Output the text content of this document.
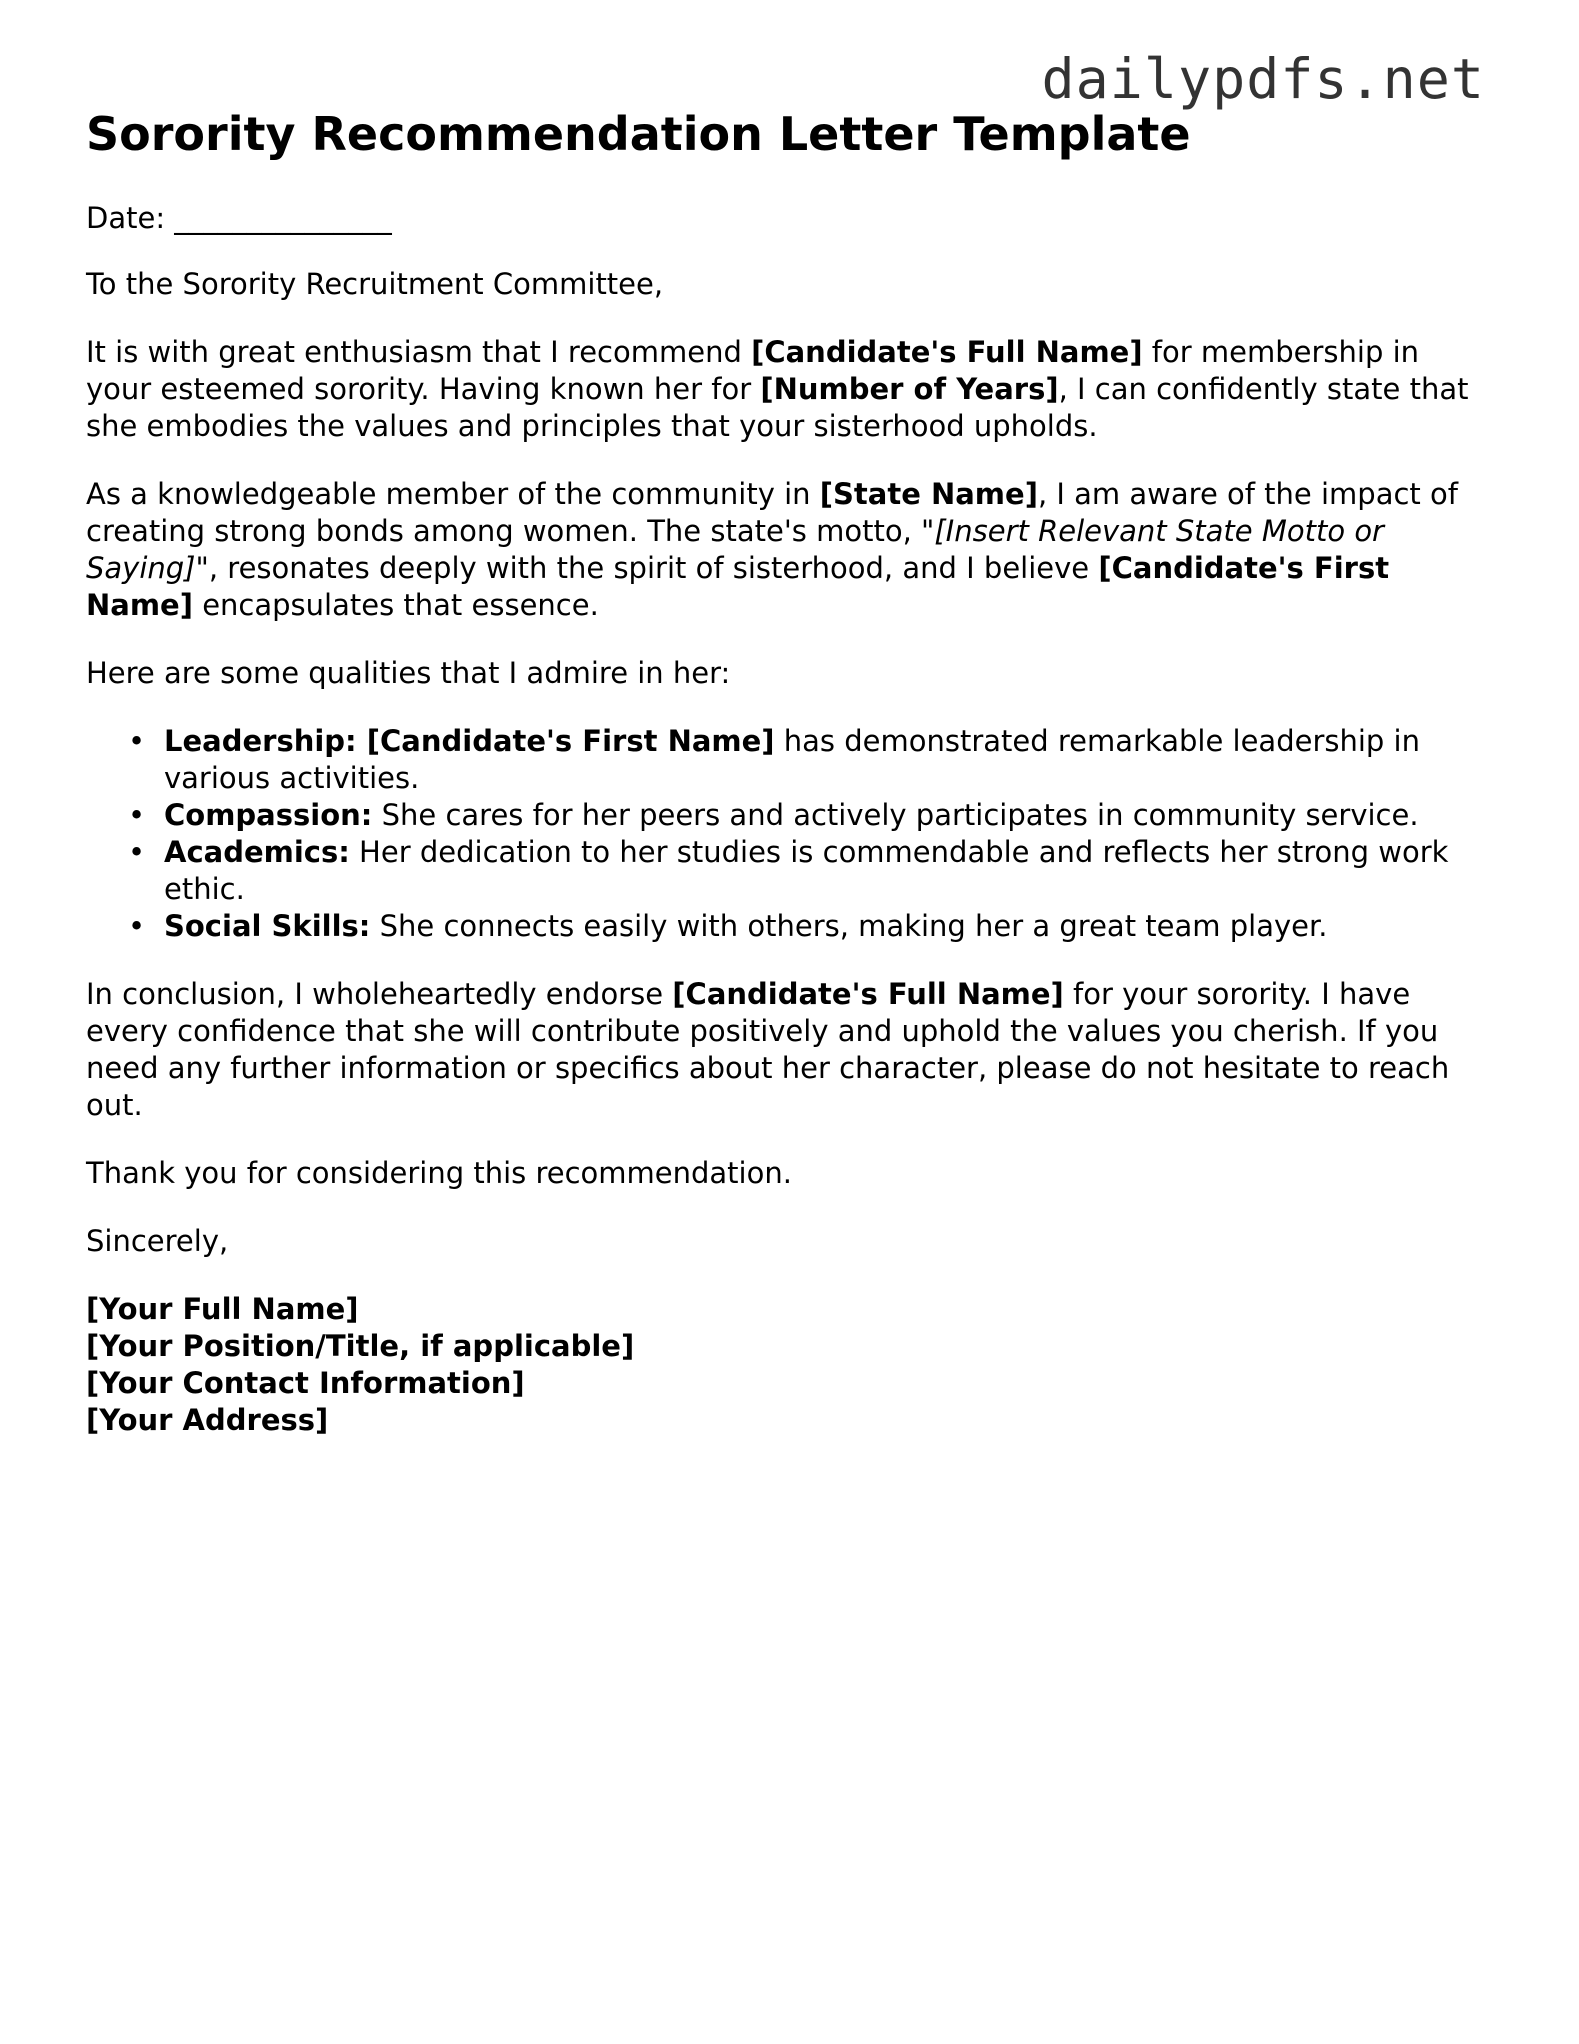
dailypdfs.net
Sorority Recommendation Letter Template

Date: _______________

To the Sorority Recruitment Committee,

It is with great enthusiasm that I recommend [Candidate's Full Name] for membership in your esteemed sorority. Having known her for [Number of Years], I can confidently state that she embodies the values and principles that your sisterhood upholds.

As a knowledgeable member of the community in [State Name], I am aware of the impact of creating strong bonds among women. The state's motto, "[Insert Relevant State Motto or Saying]", resonates deeply with the spirit of sisterhood, and I believe [Candidate's First Name] encapsulates that essence.

Here are some qualities that I admire in her:

• Leadership: [Candidate's First Name] has demonstrated remarkable leadership in various activities.
• Compassion: She cares for her peers and actively participates in community service.
• Academics: Her dedication to her studies is commendable and reflects her strong work ethic.
• Social Skills: She connects easily with others, making her a great team player.

In conclusion, I wholeheartedly endorse [Candidate's Full Name] for your sorority. I have every confidence that she will contribute positively and uphold the values you cherish. If you need any further information or specifics about her character, please do not hesitate to reach out.

Thank you for considering this recommendation.

Sincerely,

[Your Full Name]
[Your Position/Title, if applicable]
[Your Contact Information]
[Your Address]
